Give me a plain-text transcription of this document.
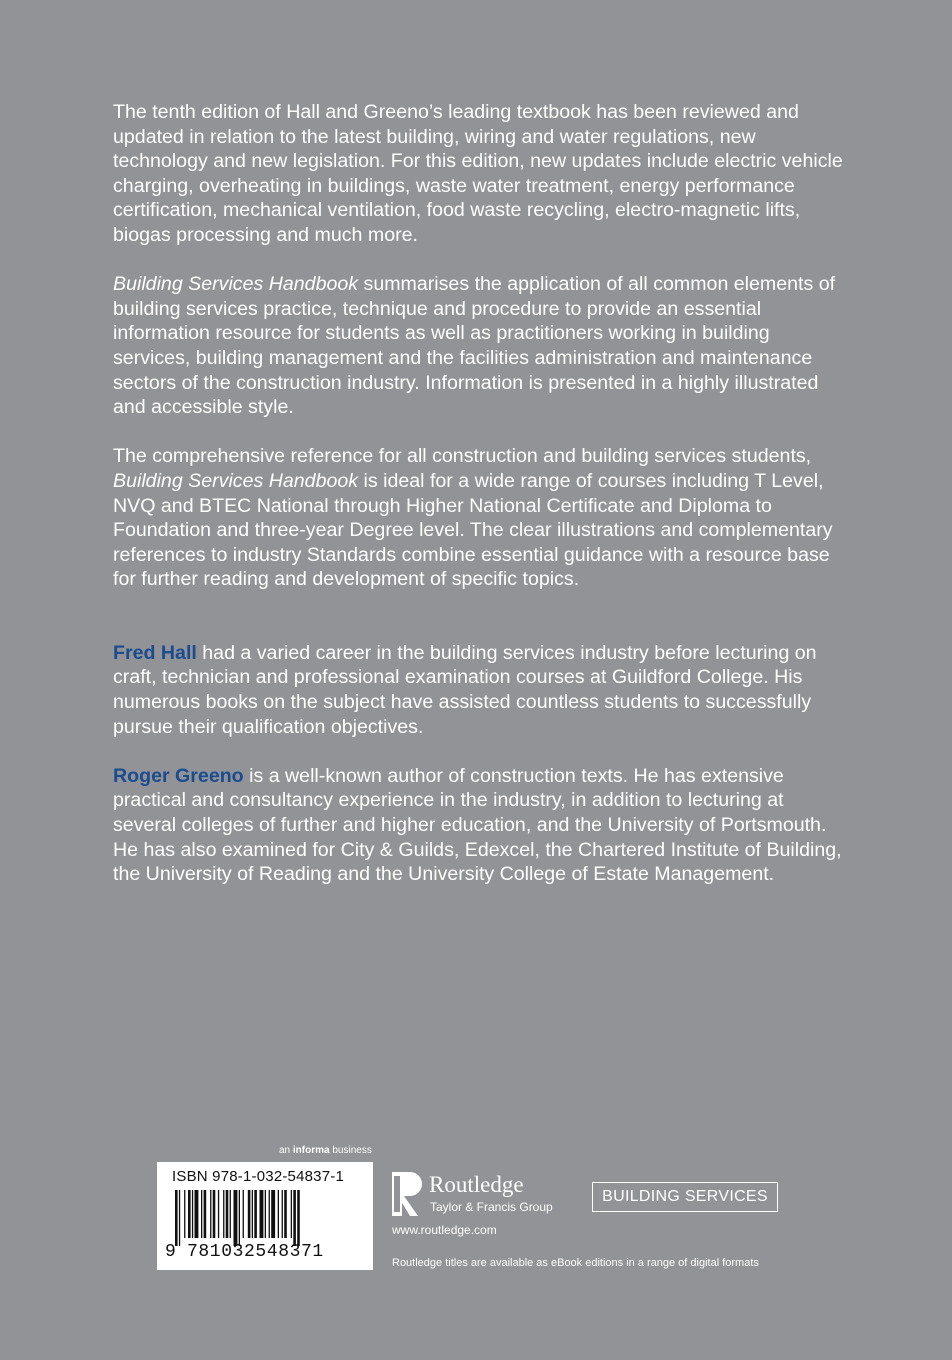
The tenth edition of Hall and Greeno’s leading textbook has been reviewed and updated in relation to the latest building, wiring and water regulations, new technology and new legislation. For this edition, new updates include electric vehicle charging, overheating in buildings, waste water treatment, energy performance certification, mechanical ventilation, food waste recycling, electro-magnetic lifts, biogas processing and much more.

Building Services Handbook summarises the application of all common elements of building services practice, technique and procedure to provide an essential information resource for students as well as practitioners working in building services, building management and the facilities administration and maintenance sectors of the construction industry. Information is presented in a highly illustrated and accessible style.

The comprehensive reference for all construction and building services students, Building Services Handbook is ideal for a wide range of courses including T Level, NVQ and BTEC National through Higher National Certificate and Diploma to Foundation and three-year Degree level. The clear illustrations and complementary references to industry Standards combine essential guidance with a resource base for further reading and development of specific topics.

Fred Hall had a varied career in the building services industry before lecturing on craft, technician and professional examination courses at Guildford College. His numerous books on the subject have assisted countless students to successfully pursue their qualification objectives.

Roger Greeno is a well-known author of construction texts. He has extensive practical and consultancy experience in the industry, in addition to lecturing at several colleges of further and higher education, and the University of Portsmouth. He has also examined for City & Guilds, Edexcel, the Chartered Institute of Building, the University of Reading and the University College of Estate Management.

an informa business
ISBN 978-1-032-54837-1
9 781032548371
Routledge
Taylor & Francis Group
www.routledge.com
BUILDING SERVICES
Routledge titles are available as eBook editions in a range of digital formats
